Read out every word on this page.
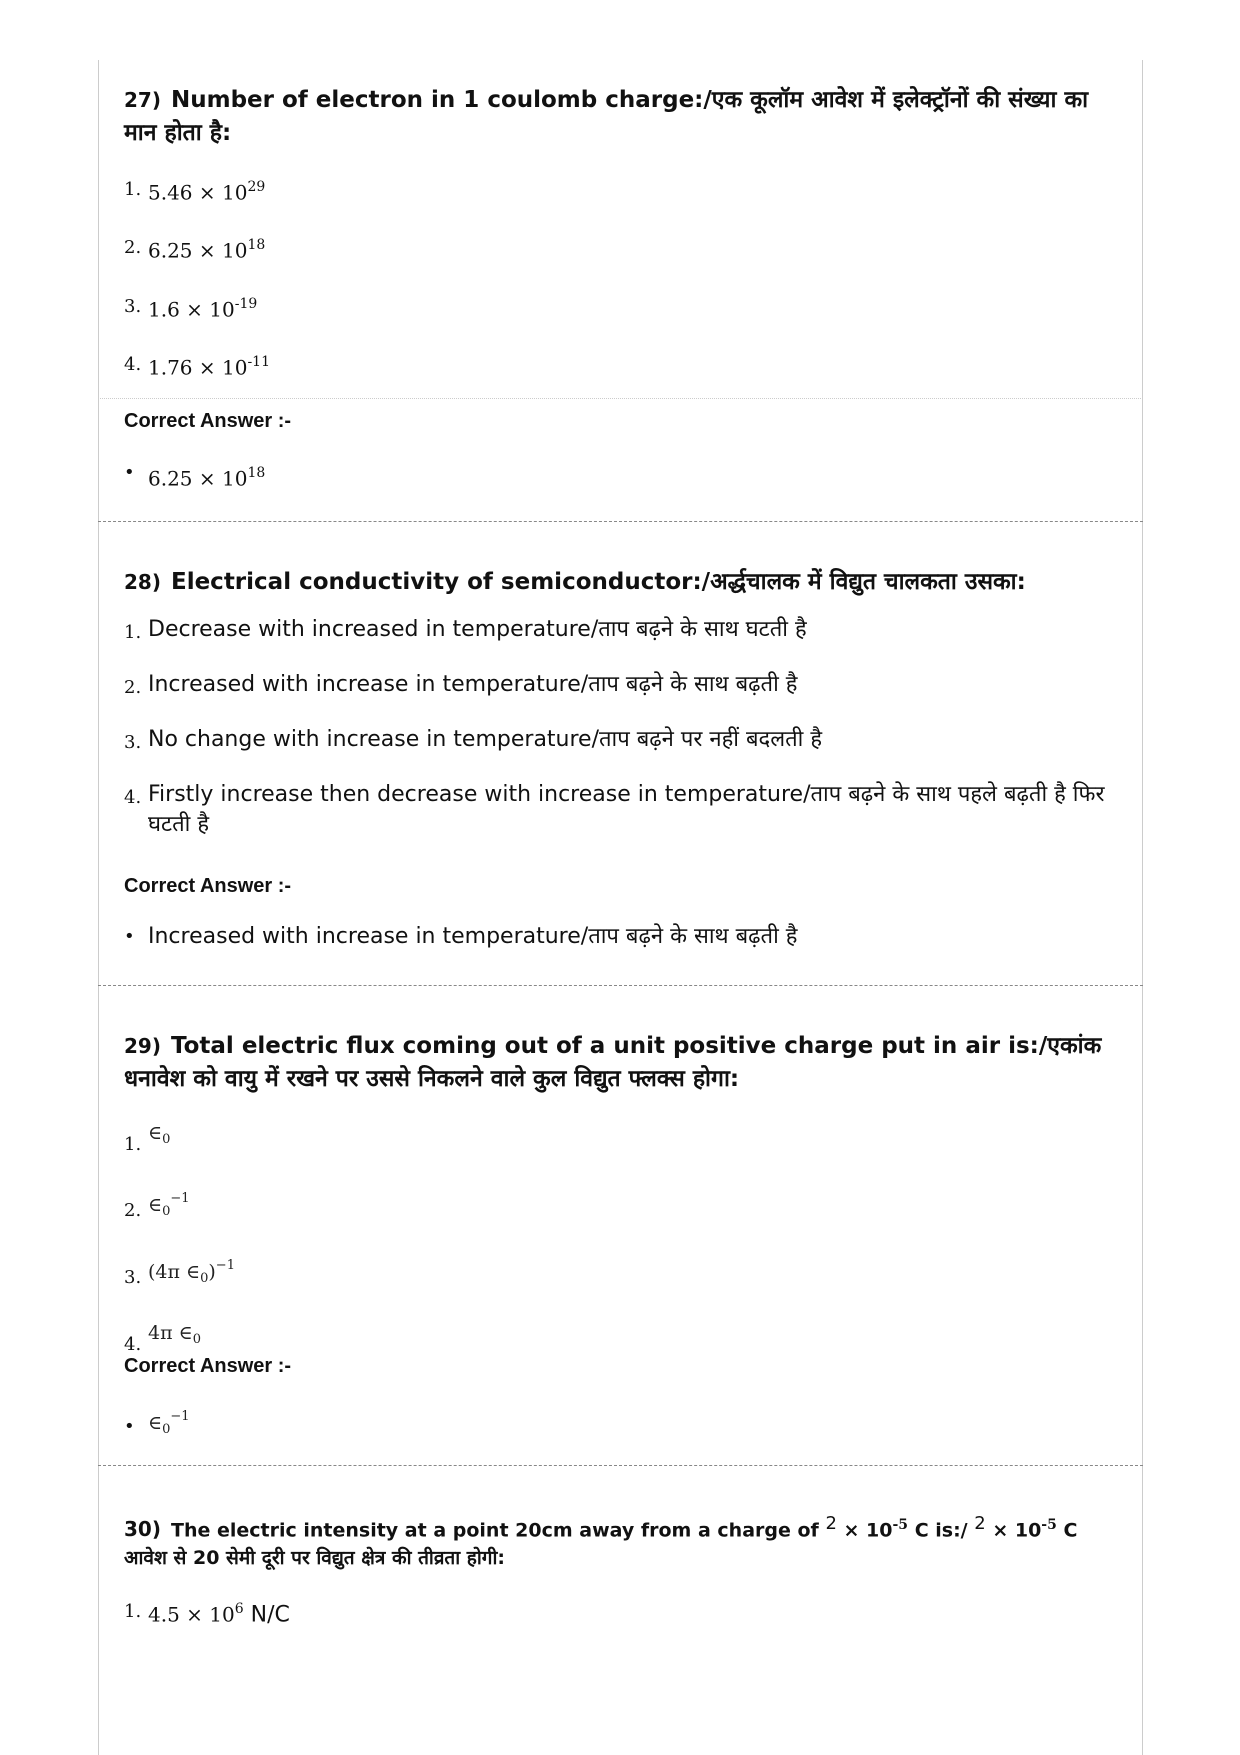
27) Number of electron in 1 coulomb charge:/एक कूलॉम आवेश में इलेक्ट्रॉनों की संख्या का मान होता है:
1. $5.46 \times 10^{29}$
2. $6.25 \times 10^{18}$
3. $1.6 \times 10^{-19}$
4. $1.76 \times 10^{-11}$
Correct Answer :-
• $6.25 \times 10^{18}$
28) Electrical conductivity of semiconductor:/अर्द्धचालक में विद्युत चालकता उसका:
1. Decrease with increased in temperature/ताप बढ़ने के साथ घटती है
2. Increased with increase in temperature/ताप बढ़ने के साथ बढ़ती है
3. No change with increase in temperature/ताप बढ़ने पर नहीं बदलती है
4. Firstly increase then decrease with increase in temperature/ताप बढ़ने के साथ पहले बढ़ती है फिर घटती है
Correct Answer :-
• Increased with increase in temperature/ताप बढ़ने के साथ बढ़ती है
29) Total electric flux coming out of a unit positive charge put in air is:/एकांक धनावेश को वायु में रखने पर उससे निकलने वाले कुल विद्युत फ्लक्स होगा:
1.
$\in_0$
2. $\in_0^{-1}$
3. (4π $\in_0)^{-1}$
4.
4π $\in_0$
Correct Answer :-
• $\in_0^{-1}$
30) The electric intensity at a point 20cm away from a charge of $^2 \times 10^{-5}$ C is:/ $^2 \times 10^{-5}$ C आवेश से 20 सेमी दूरी पर विद्युत क्षेत्र की तीव्रता होगी:
1. $4.5 \times 10^6$ N/C
